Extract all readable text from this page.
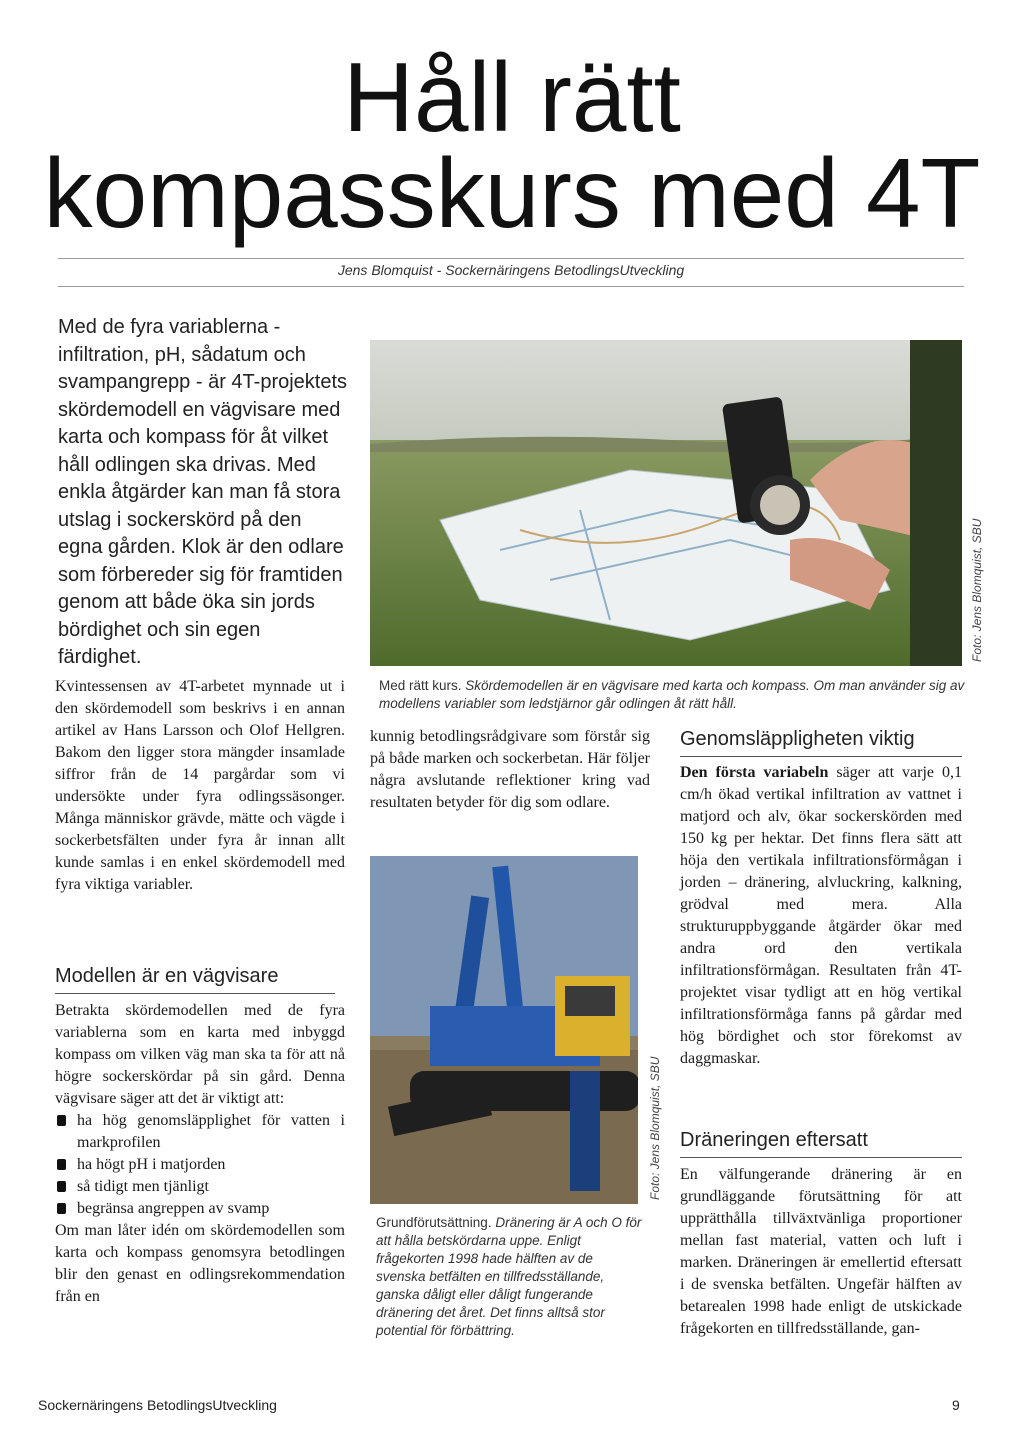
Håll rätt
kompasskurs med 4T
Jens Blomquist - Sockernäringens BetodlingsUtveckling
Med de fyra variablerna - infiltration, pH, sådatum och svampangrepp - är 4T-projektets skördemodell en vägvisare med karta och kompass för åt vilket håll odlingen ska drivas. Med enkla åtgärder kan man få stora utslag i sockerskörd på den egna gården. Klok är den odlare som förbereder sig för framtiden genom att både öka sin jords bördighet och sin egen färdighet.	Foto: Jens Blomquist, SBU
Med rätt kurs. Skördemodellen är en vägvisare med karta och kompass. Om man använder sig av modellens variabler som ledstjärnor går odlingen åt rätt håll.
Kvintessensen av 4T-arbetet mynnade ut i den skördemodell som beskrivs i en annan artikel av Hans Larsson och Olof Hellgren. Bakom den ligger stora mängder insamlade siffror från de 14 pargårdar som vi undersökte under fyra odlingssäsonger. Många människor grävde, mätte och vägde i sockerbetsfälten under fyra år innan allt kunde samlas i en enkel skördemodell med fyra viktiga variabler.
Modellen är en vägvisare

Betrakta skördemodellen med de fyra variablerna som en karta med inbyggd kompass om vilken väg man ska ta för att nå högre sockerskördar på sin gård. Denna vägvisare säger att det är viktigt att:

ha hög genomsläpplighet för vatten i markprofilen
ha högt pH i matjorden
så tidigt men tjänligt
begränsa angreppen av svamp

Om man låter idén om skördemodellen som karta och kompass genomsyra betodlingen blir den genast en odlingsrekommendation från en

kunnig betodlingsrådgivare som förstår sig på både marken och sockerbetan. Här följer några avslutande reflektioner kring vad resultaten betyder för dig som odlare.
Foto: Jens Blomquist, SBU
Grundförutsättning. Dränering är A och O för att hålla betskördarna uppe. Enligt frågekorten 1998 hade hälften av de svenska betfälten en tillfredsställande, ganska dåligt eller dåligt fungerande dränering det året. Det finns alltså stor potential för förbättring.
Genomsläppligheten viktig
Den första variabeln säger att varje 0,1 cm/h ökad vertikal infiltration av vattnet i matjord och alv, ökar sockerskörden med 150 kg per hektar. Det finns flera sätt att höja den vertikala infiltrationsförmågan i jorden – dränering, alvluckring, kalkning, grödval med mera. Alla strukturuppbyggande åtgärder ökar med andra ord den vertikala infiltrationsförmågan. Resultaten från 4T-projektet visar tydligt att en hög vertikal infiltrationsförmåga fanns på gårdar med hög bördighet och stor förekomst av daggmaskar.
Dräneringen eftersatt
En välfungerande dränering är en grundläggande förutsättning för att upprätthålla tillväxtvänliga proportioner mellan fast material, vatten och luft i marken. Dräneringen är emellertid eftersatt i de svenska betfälten. Ungefär hälften av betarealen 1998 hade enligt de utskickade frågekorten en tillfredsställande, gan-
Sockernäringens BetodlingsUtveckling	9
